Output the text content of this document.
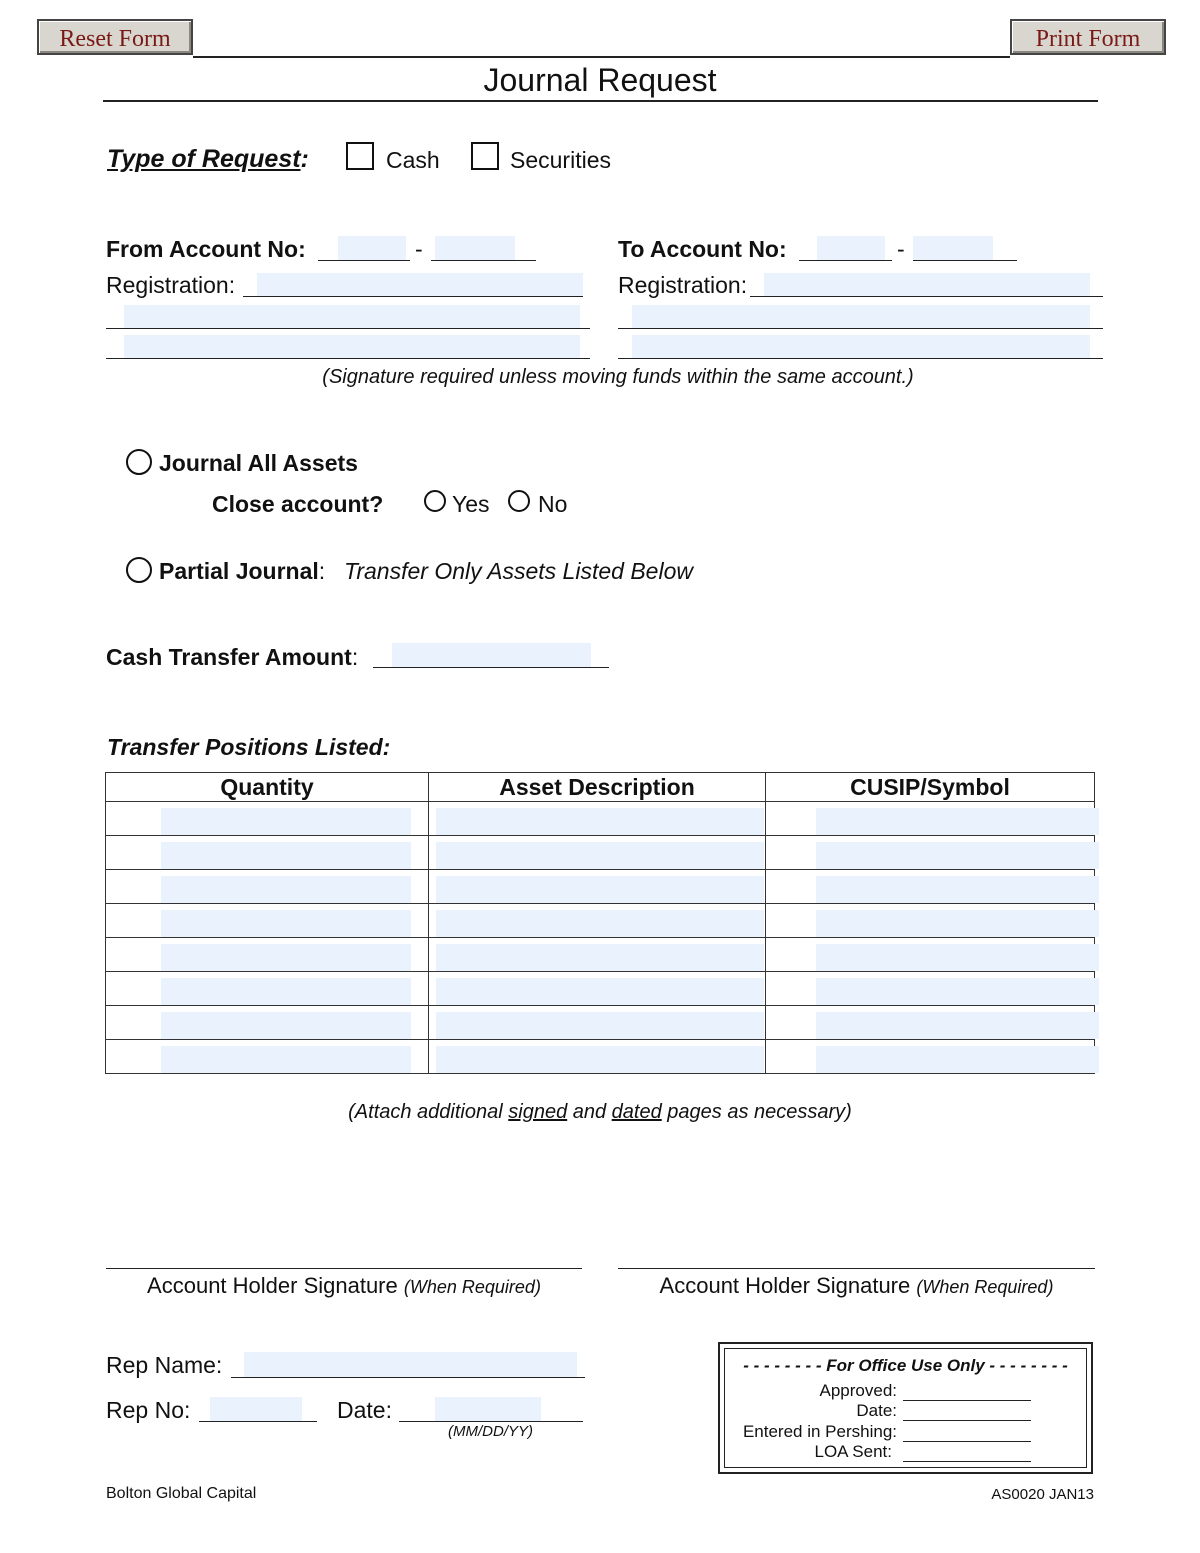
Reset Form	Print Form
Journal Request
Type of Request:	Cash	Securities
From Account No:	-
Registration:
To Account No:	-
Registration:
(Signature required unless moving funds within the same account.)
Journal All Assets
Close account?	Yes No
Partial Journal: Transfer Only Assets Listed Below
Cash Transfer Amount:
Transfer Positions Listed:
Quantity	Asset Description	CUSIP/Symbol

(Attach additional signed and dated pages as necessary)
Account Holder Signature (When Required)	Account Holder Signature (When Required)
Rep Name:
Rep No:	Date:
(MM/DD/YY)
- - - - - - - - For Office Use Only - - - - - - - -
Approved:
Date:
Entered in Pershing:
LOA Sent:
Bolton Global Capital	AS0020 JAN13
